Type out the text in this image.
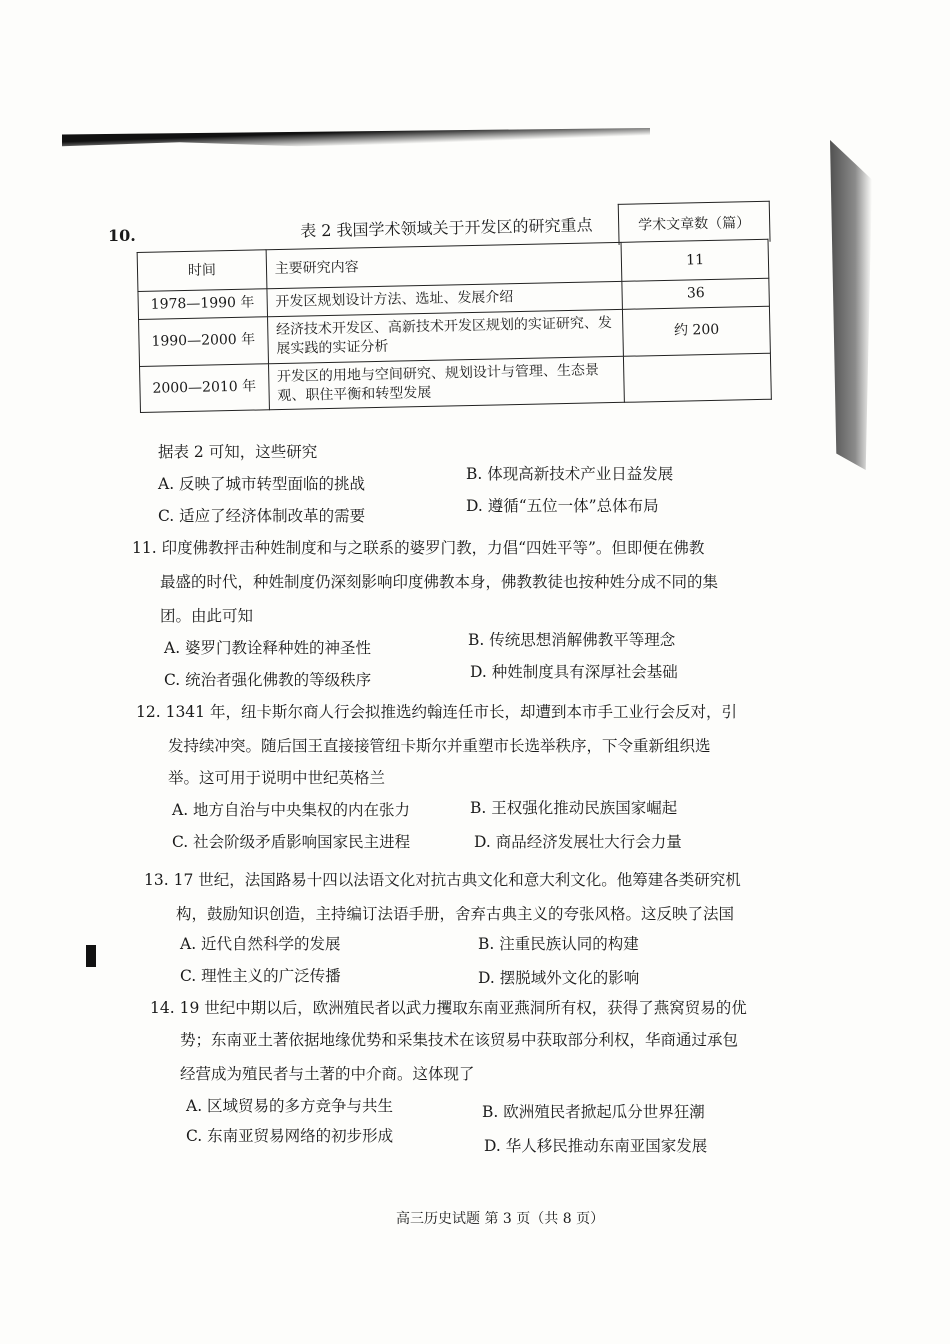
10.	表 2 我国学术领域关于开发区的研究重点	学术文章数（篇）
时间	主要研究内容	11
1978—1990 年	开发区规划设计方法、选址、发展介绍	36
1990—2000 年	经济技术开发区、高新技术开发区规划的实证研究、发展实践的实证分析	约 200
2000—2010 年	开发区的用地与空间研究、规划设计与管理、生态景观、职住平衡和转型发展	
据表 2 可知，这些研究
A. 反映了城市转型面临的挑战
B. 体现高新技术产业日益发展
C. 适应了经济体制改革的需要
D. 遵循“五位一体”总体布局
11. 印度佛教抨击种姓制度和与之联系的婆罗门教，力倡“四姓平等”。但即便在佛教
最盛的时代，种姓制度仍深刻影响印度佛教本身，佛教教徒也按种姓分成不同的集
团。由此可知
A. 婆罗门教诠释种姓的神圣性	B. 传统思想消解佛教平等理念
C. 统治者强化佛教的等级秩序	D. 种姓制度具有深厚社会基础
12. 1341 年，纽卡斯尔商人行会拟推选约翰连任市长，却遭到本市手工业行会反对，引
发持续冲突。随后国王直接接管纽卡斯尔并重塑市长选举秩序，下令重新组织选
举。这可用于说明中世纪英格兰
A. 地方自治与中央集权的内在张力	B. 王权强化推动民族国家崛起
C. 社会阶级矛盾影响国家民主进程	D. 商品经济发展壮大行会力量
13. 17 世纪，法国路易十四以法语文化对抗古典文化和意大利文化。他筹建各类研究机
构，鼓励知识创造，主持编订法语手册，舍弃古典主义的夸张风格。这反映了法国
A. 近代自然科学的发展	B. 注重民族认同的构建
C. 理性主义的广泛传播	D. 摆脱域外文化的影响
14. 19 世纪中期以后，欧洲殖民者以武力攫取东南亚燕洞所有权，获得了燕窝贸易的优
势；东南亚土著依据地缘优势和采集技术在该贸易中获取部分利权，华商通过承包
经营成为殖民者与土著的中介商。这体现了
A. 区域贸易的多方竞争与共生	B. 欧洲殖民者掀起瓜分世界狂潮
C. 东南亚贸易网络的初步形成
D. 华人移民推动东南亚国家发展
高三历史试题 第 3 页（共 8 页）
